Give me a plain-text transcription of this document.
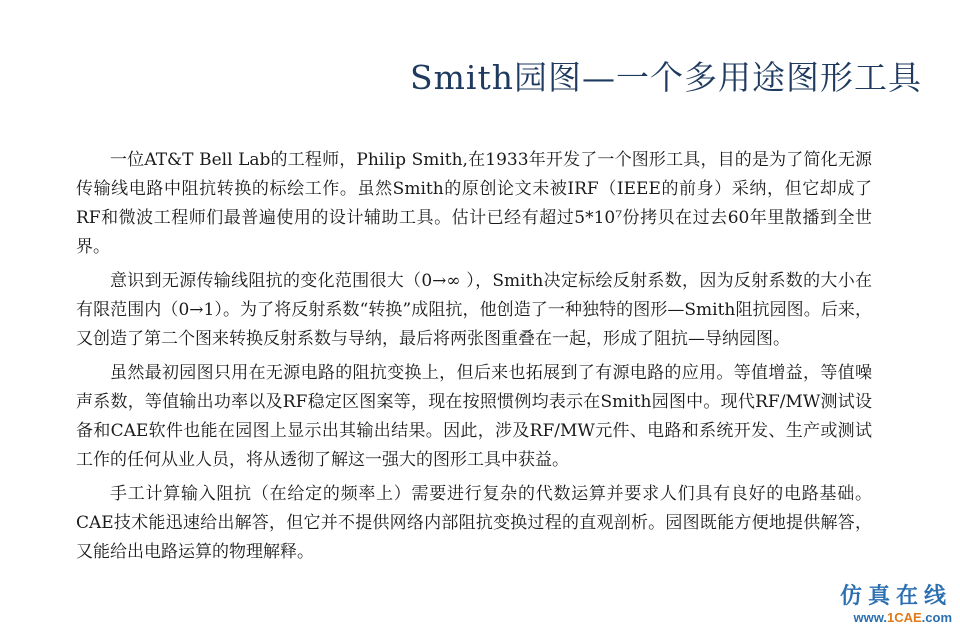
Smith园图—一个多用途图形工具

一位AT&T Bell Lab的工程师，Philip Smith,在1933年开发了一个图形工具，目的是为了简化无源传输线电路中阻抗转换的标绘工作。虽然Smith的原创论文未被IRF（IEEE的前身）采纳，但它却成了RF和微波工程师们最普遍使用的设计辅助工具。估计已经有超过5*10⁷份拷贝在过去60年里散播到全世界。

意识到无源传输线阻抗的变化范围很大（0→∞ ），Smith决定标绘反射系数，因为反射系数的大小在有限范围内（0→1）。为了将反射系数“转换”成阻抗，他创造了一种独特的图形—Smith阻抗园图。后来，又创造了第二个图来转换反射系数与导纳，最后将两张图重叠在一起，形成了阻抗—导纳园图。

虽然最初园图只用在无源电路的阻抗变换上，但后来也拓展到了有源电路的应用。等值增益，等值噪声系数，等值输出功率以及RF稳定区图案等，现在按照惯例均表示在Smith园图中。现代RF/MW测试设备和CAE软件也能在园图上显示出其输出结果。因此，涉及RF/MW元件、电路和系统开发、生产或测试工作的任何从业人员，将从透彻了解这一强大的图形工具中获益。

手工计算输入阻抗（在给定的频率上）需要进行复杂的代数运算并要求人们具有良好的电路基础。CAE技术能迅速给出解答，但它并不提供网络内部阻抗变换过程的直观剖析。园图既能方便地提供解答，又能给出电路运算的物理解释。

仿真在线
www.1CAE.com
